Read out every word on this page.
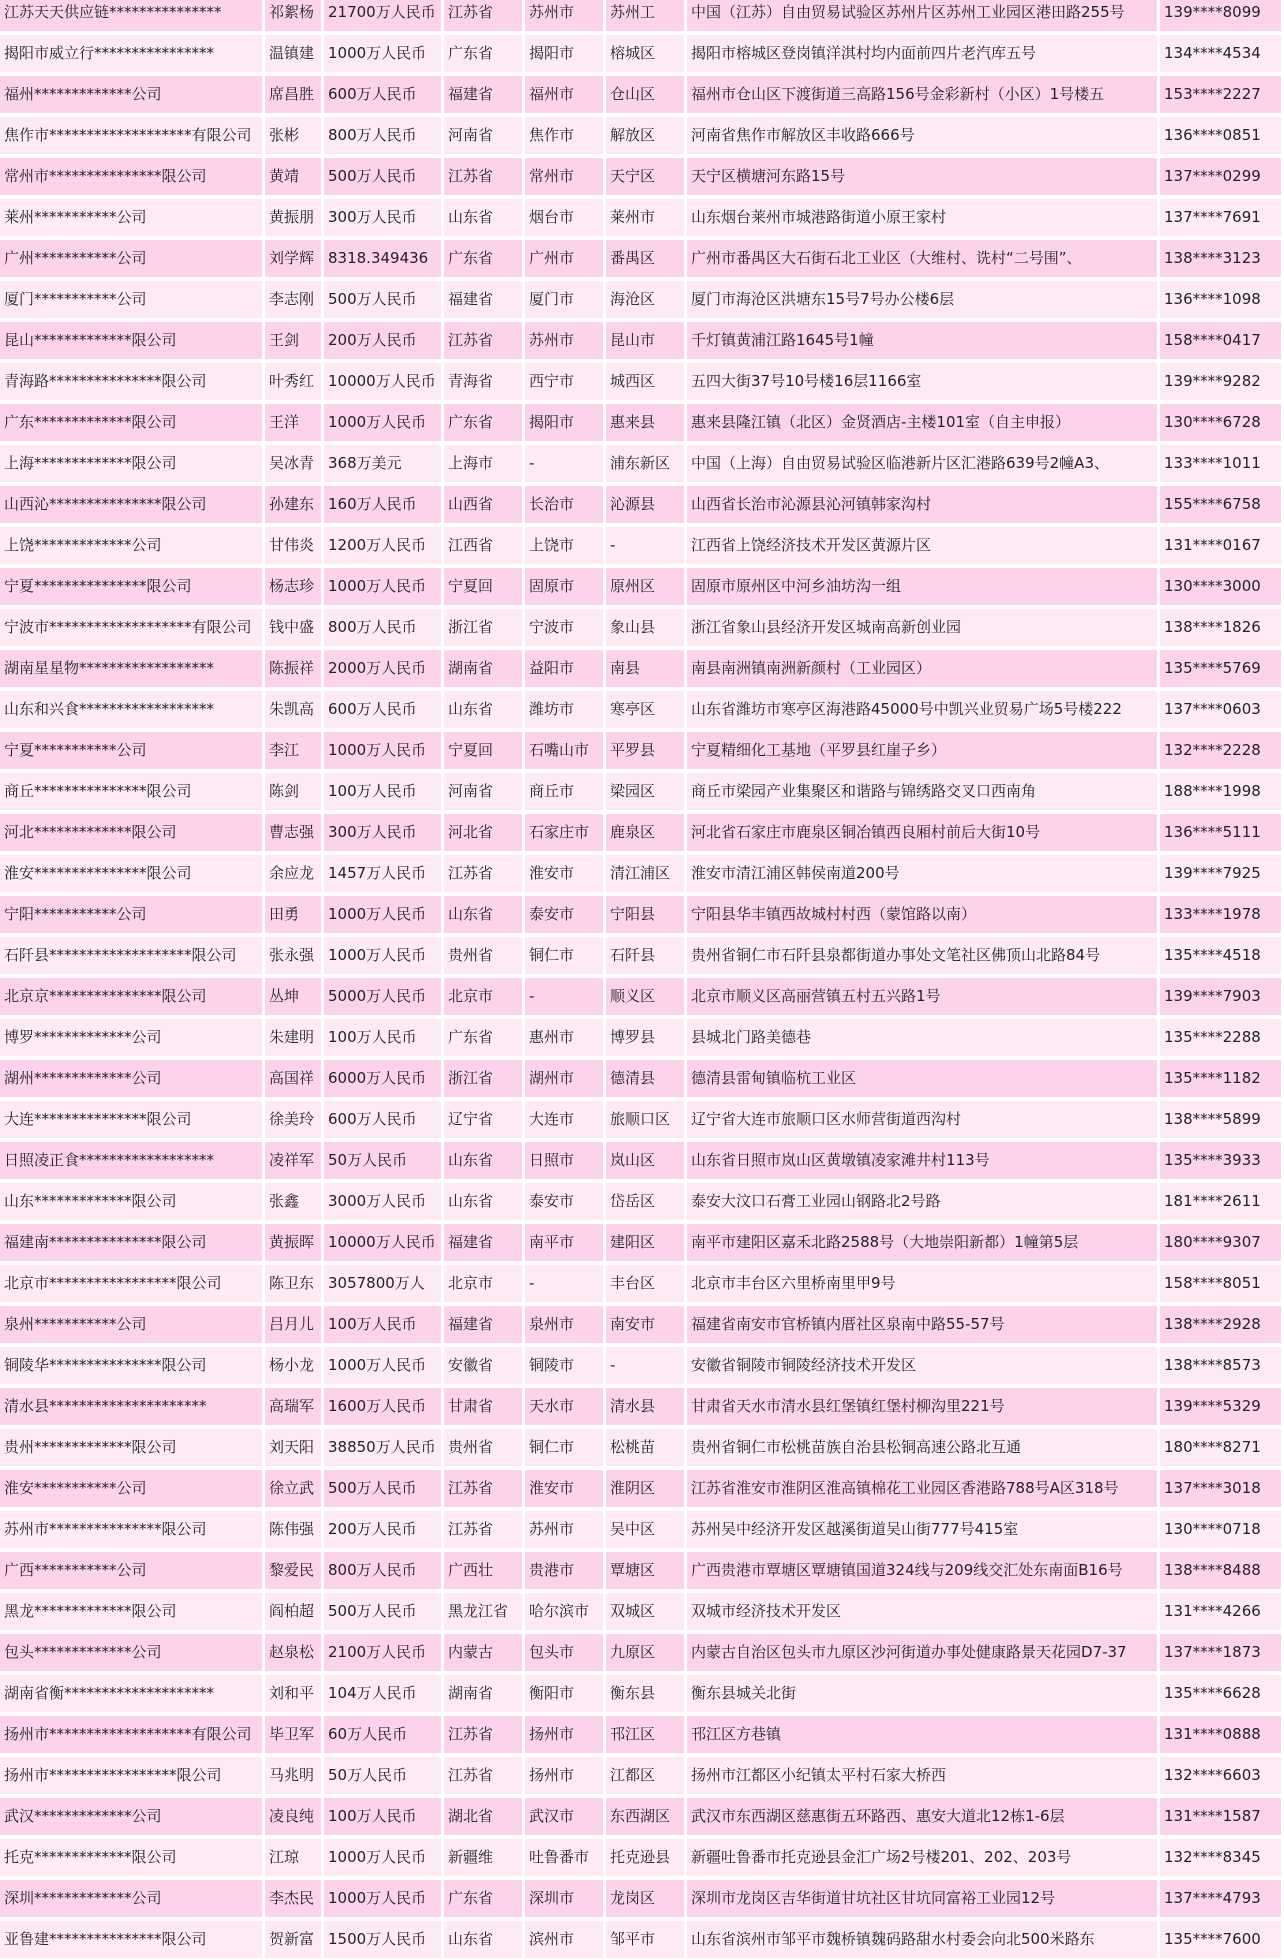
江苏天天供应链***************	祁絮杨	21700万人民币	江苏省	苏州市	苏州工	中国（江苏）自由贸易试验区苏州片区苏州工业园区港田路255号	139****8099
揭阳市威立行****************	温镇建	1000万人民币	广东省	揭阳市	榕城区	揭阳市榕城区登岗镇洋淇村均内面前四片老汽库五号	134****4534
福州*************公司	席昌胜	600万人民币	福建省	福州市	仓山区	福州市仓山区下渡街道三高路156号金彩新村（小区）1号楼五	153****2227
焦作市*******************有限公司	张彬	800万人民币	河南省	焦作市	解放区	河南省焦作市解放区丰收路666号	136****0851
常州市***************限公司	黄靖	500万人民币	江苏省	常州市	天宁区	天宁区横塘河东路15号	137****0299
莱州***********公司	黄振朋	300万人民币	山东省	烟台市	莱州市	山东烟台莱州市城港路街道小原王家村	137****7691
广州***********公司	刘学辉	8318.349436	广东省	广州市	番禺区	广州市番禺区大石街石北工业区（大维村、诜村“二号围”、	138****3123
厦门***********公司	李志刚	500万人民币	福建省	厦门市	海沧区	厦门市海沧区洪塘东15号7号办公楼6层	136****1098
昆山*************限公司	王剑	200万人民币	江苏省	苏州市	昆山市	千灯镇黄浦江路1645号1幢	158****0417
青海路***************限公司	叶秀红	10000万人民币	青海省	西宁市	城西区	五四大街37号10号楼16层1166室	139****9282
广东*************限公司	王洋	1000万人民币	广东省	揭阳市	惠来县	惠来县隆江镇（北区）金贤酒店-主楼101室（自主申报）	130****6728
上海*************限公司	吴冰青	368万美元	上海市	-	浦东新区	中国（上海）自由贸易试验区临港新片区汇港路639号2幢A3、	133****1011
山西沁***************限公司	孙建东	160万人民币	山西省	长治市	沁源县	山西省长治市沁源县沁河镇韩家沟村	155****6758
上饶*************公司	甘伟炎	1200万人民币	江西省	上饶市	-	江西省上饶经济技术开发区黄源片区	131****0167
宁夏***************限公司	杨志珍	1000万人民币	宁夏回	固原市	原州区	固原市原州区中河乡油坊沟一组	130****3000
宁波市*******************有限公司	钱中盛	800万人民币	浙江省	宁波市	象山县	浙江省象山县经济开发区城南高新创业园	138****1826
湖南星星物******************	陈振祥	2000万人民币	湖南省	益阳市	南县	南县南洲镇南洲新颜村（工业园区）	135****5769
山东和兴食******************	朱凯高	600万人民币	山东省	潍坊市	寒亭区	山东省潍坊市寒亭区海港路45000号中凯兴业贸易广场5号楼222	137****0603
宁夏***********公司	李江	1000万人民币	宁夏回	石嘴山市	平罗县	宁夏精细化工基地（平罗县红崖子乡）	132****2228
商丘***************限公司	陈剑	100万人民币	河南省	商丘市	梁园区	商丘市梁园产业集聚区和谐路与锦绣路交叉口西南角	188****1998
河北*************限公司	曹志强	300万人民币	河北省	石家庄市	鹿泉区	河北省石家庄市鹿泉区铜冶镇西良厢村前后大街10号	136****5111
淮安***************限公司	余应龙	1457万人民币	江苏省	淮安市	清江浦区	淮安市清江浦区韩侯南道200号	139****7925
宁阳***********公司	田勇	1000万人民币	山东省	泰安市	宁阳县	宁阳县华丰镇西故城村村西（蒙馆路以南）	133****1978
石阡县*******************限公司	张永强	1000万人民币	贵州省	铜仁市	石阡县	贵州省铜仁市石阡县泉都街道办事处文笔社区佛顶山北路84号	135****4518
北京京***************限公司	丛坤	5000万人民币	北京市	-	顺义区	北京市顺义区高丽营镇五村五兴路1号	139****7903
博罗*************公司	朱建明	100万人民币	广东省	惠州市	博罗县	县城北门路美德巷	135****2288
湖州*************公司	高国祥	6000万人民币	浙江省	湖州市	德清县	德清县雷甸镇临杭工业区	135****1182
大连***************限公司	徐美玲	600万人民币	辽宁省	大连市	旅顺口区	辽宁省大连市旅顺口区水师营街道西沟村	138****5899
日照凌正食******************	凌祥军	50万人民币	山东省	日照市	岚山区	山东省日照市岚山区黄墩镇凌家滩井村113号	135****3933
山东*************限公司	张鑫	3000万人民币	山东省	泰安市	岱岳区	泰安大汶口石膏工业园山钢路北2号路	181****2611
福建南***************限公司	黄振晖	10000万人民币	福建省	南平市	建阳区	南平市建阳区嘉禾北路2588号（大地崇阳新都）1幢第5层	180****9307
北京市*****************限公司	陈卫东	3057800万人	北京市	-	丰台区	北京市丰台区六里桥南里甲9号	158****8051
泉州***********公司	吕月儿	100万人民币	福建省	泉州市	南安市	福建省南安市官桥镇内厝社区泉南中路55-57号	138****2928
铜陵华***************限公司	杨小龙	1000万人民币	安徽省	铜陵市	-	安徽省铜陵市铜陵经济技术开发区	138****8573
清水县*********************	高瑞军	1600万人民币	甘肃省	天水市	清水县	甘肃省天水市清水县红堡镇红堡村柳沟里221号	139****5329
贵州*************限公司	刘天阳	38850万人民币	贵州省	铜仁市	松桃苗	贵州省铜仁市松桃苗族自治县松铜高速公路北互通	180****8271
淮安***********公司	徐立武	500万人民币	江苏省	淮安市	淮阴区	江苏省淮安市淮阴区淮高镇棉花工业园区香港路788号A区318号	137****3018
苏州市***************限公司	陈伟强	200万人民币	江苏省	苏州市	吴中区	苏州吴中经济开发区越溪街道吴山街777号415室	130****0718
广西***********公司	黎爱民	800万人民币	广西壮	贵港市	覃塘区	广西贵港市覃塘区覃塘镇国道324线与209线交汇处东南面B16号	138****8488
黑龙*************限公司	阎柏超	500万人民币	黑龙江省	哈尔滨市	双城区	双城市经济技术开发区	131****4266
包头*************公司	赵泉松	2100万人民币	内蒙古	包头市	九原区	内蒙古自治区包头市九原区沙河街道办事处健康路景天花园D7-37	137****1873
湖南省衡********************	刘和平	104万人民币	湖南省	衡阳市	衡东县	衡东县城关北街	135****6628
扬州市*******************有限公司	毕卫军	60万人民币	江苏省	扬州市	邗江区	邗江区方巷镇	131****0888
扬州市*****************限公司	马兆明	50万人民币	江苏省	扬州市	江都区	扬州市江都区小纪镇太平村石家大桥西	132****6603
武汉*************公司	凌良纯	100万人民币	湖北省	武汉市	东西湖区	武汉市东西湖区慈惠街五环路西、惠安大道北12栋1-6层	131****1587
托克*************限公司	江琼	1000万人民币	新疆维	吐鲁番市	托克逊县	新疆吐鲁番市托克逊县金汇广场2号楼201、202、203号	132****8345
深圳*************公司	李杰民	1000万人民币	广东省	深圳市	龙岗区	深圳市龙岗区吉华街道甘坑社区甘坑同富裕工业园12号	137****4793
亚鲁建***************限公司	贺新富	1500万人民币	山东省	滨州市	邹平市	山东省滨州市邹平市魏桥镇魏码路甜水村委会向北500米路东	135****7600
